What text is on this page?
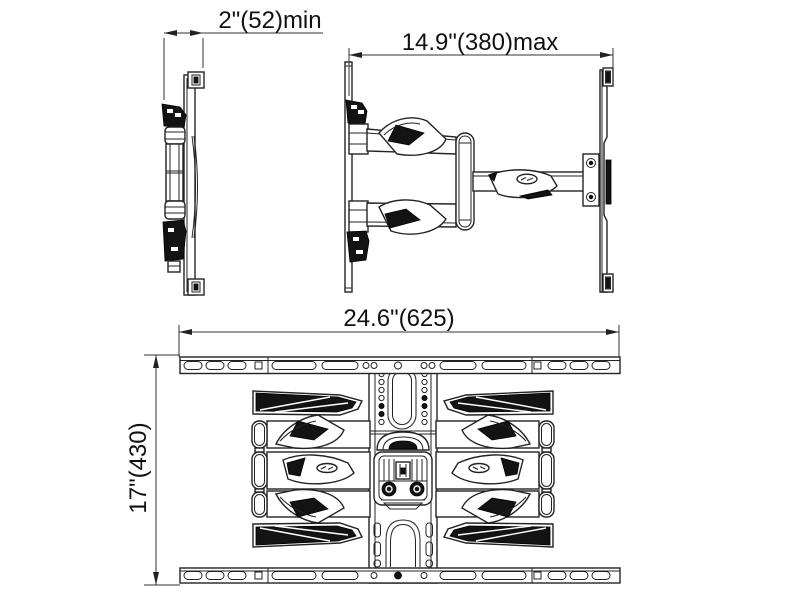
2"(52)min
14.9"(380)max
24.6"(625)
17"(430)
